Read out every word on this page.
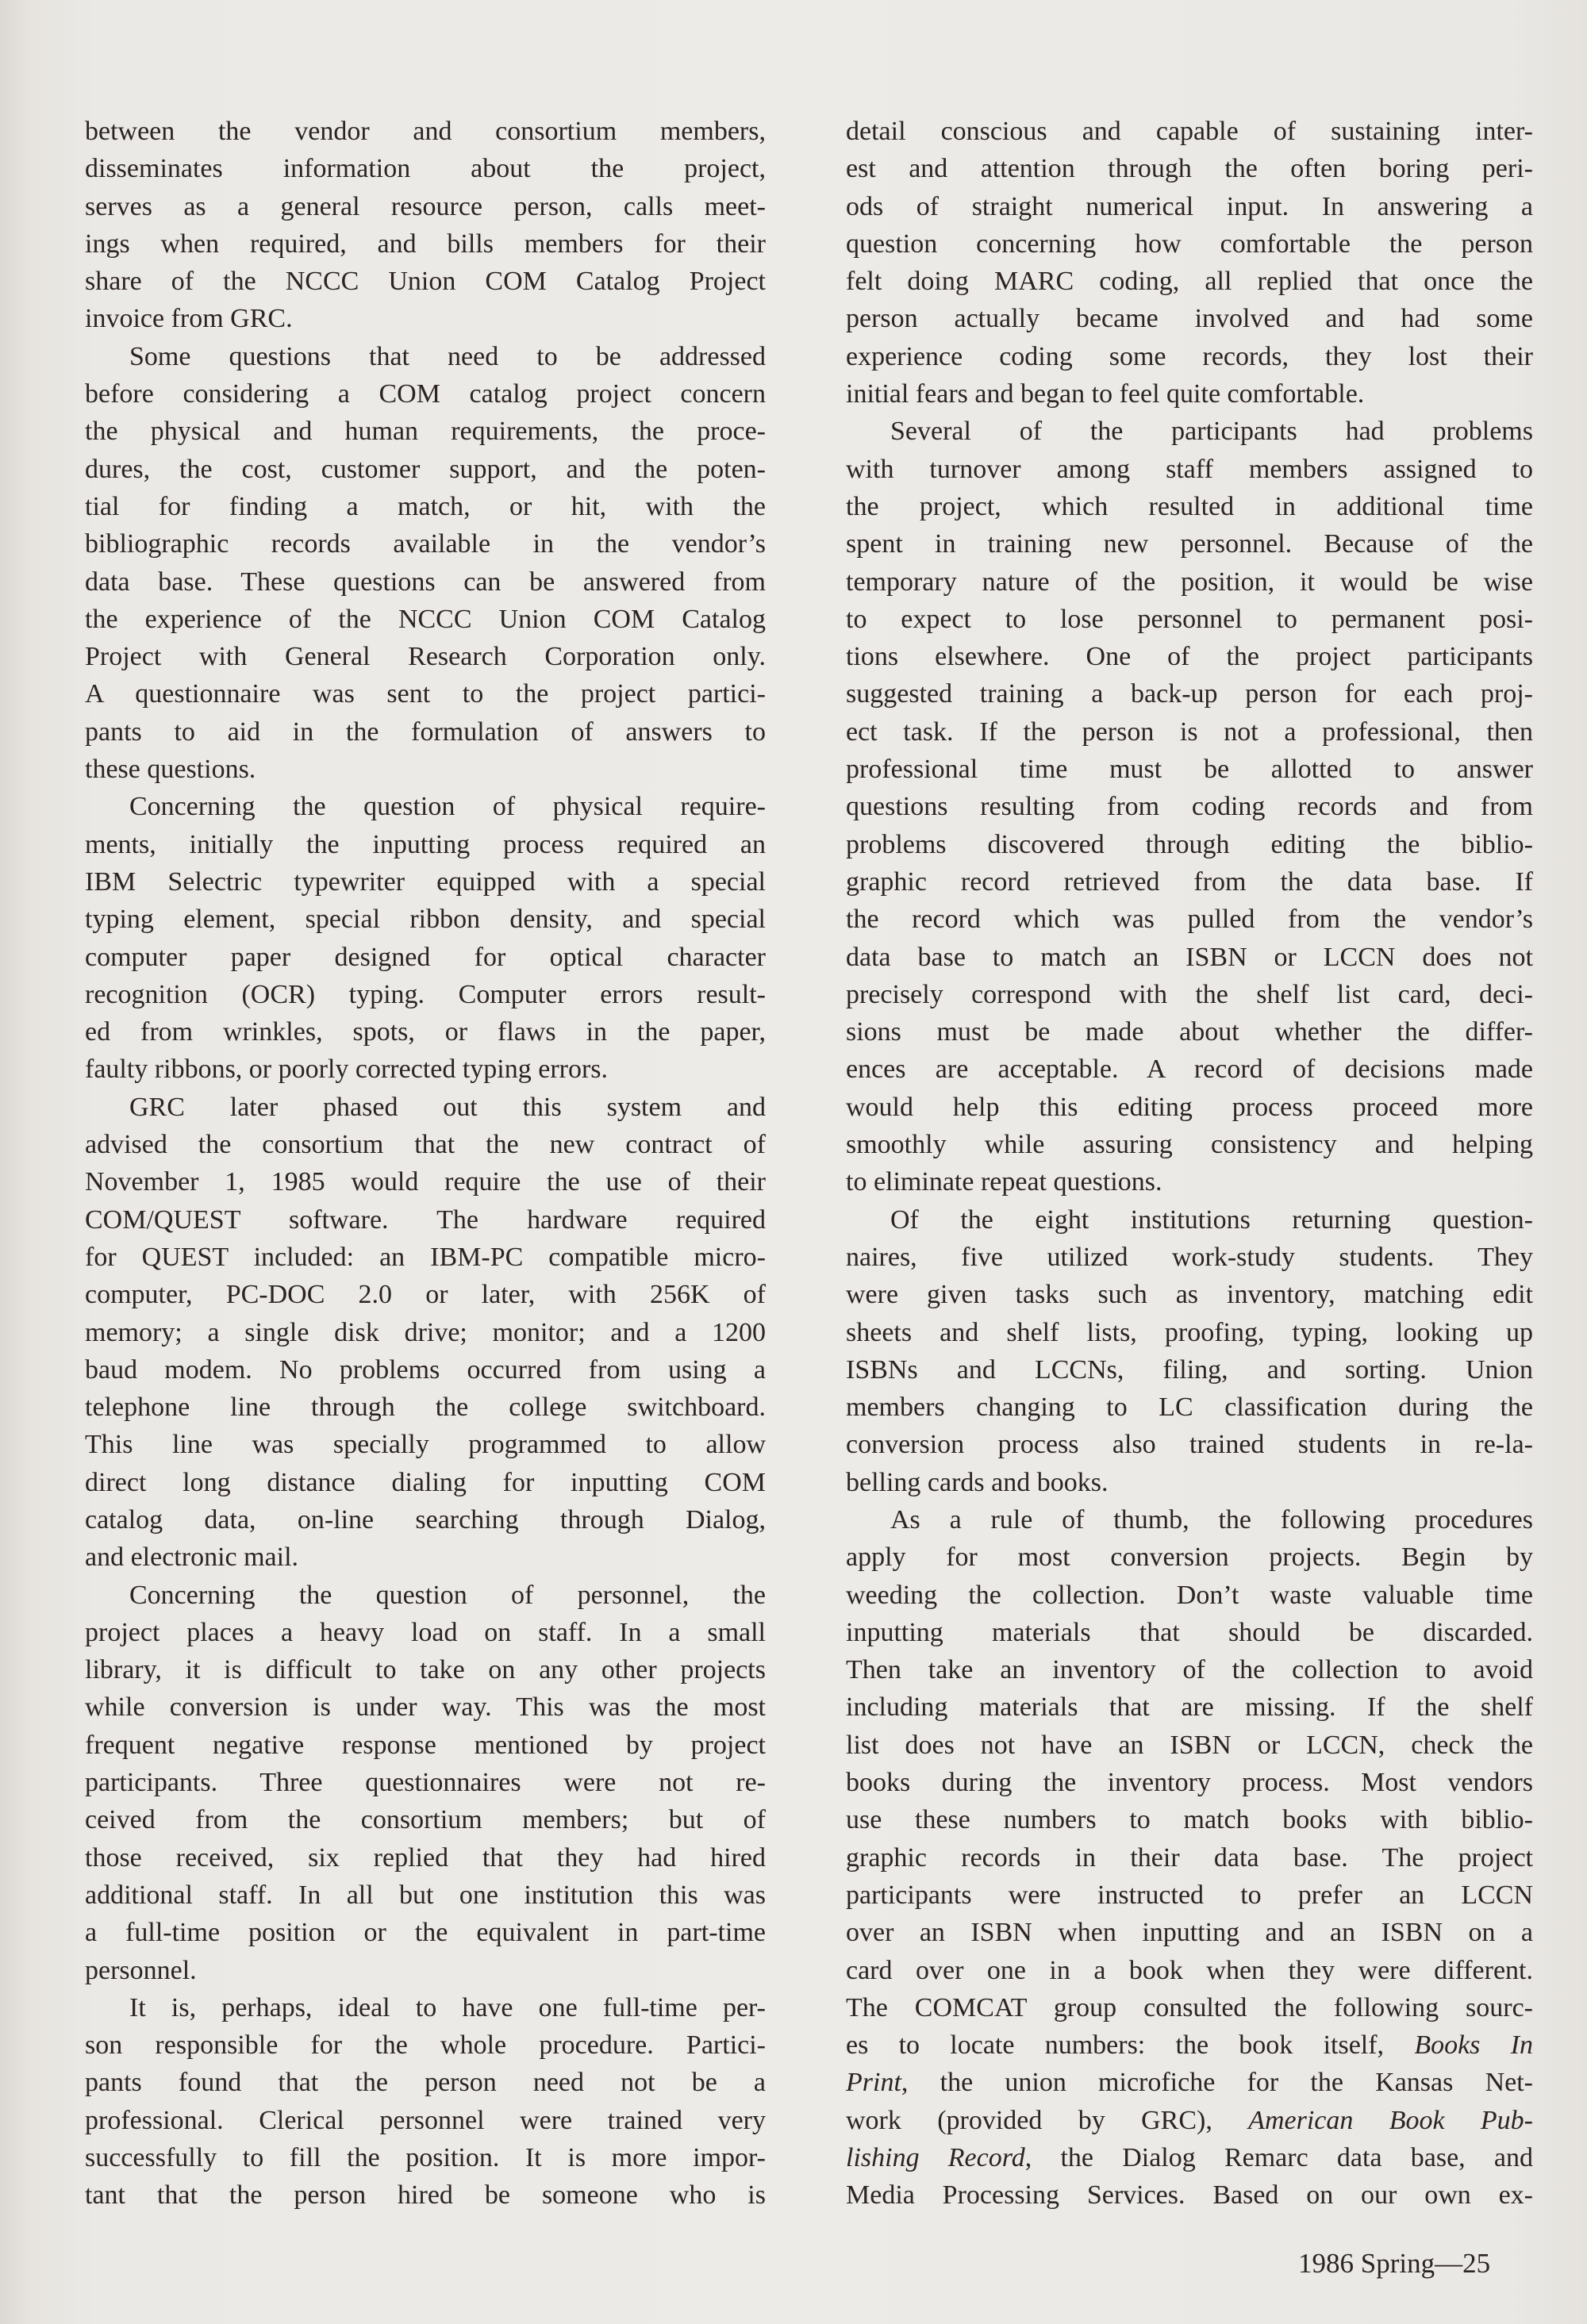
between the vendor and consortium members,
disseminates information about the project,
serves as a general resource person, calls meet-
ings when required, and bills members for their
share of the NCCC Union COM Catalog Project
invoice from GRC.
Some questions that need to be addressed
before considering a COM catalog project concern
the physical and human requirements, the proce-
dures, the cost, customer support, and the poten-
tial for finding a match, or hit, with the
bibliographic records available in the vendor’s
data base. These questions can be answered from
the experience of the NCCC Union COM Catalog
Project with General Research Corporation only.
A questionnaire was sent to the project partici-
pants to aid in the formulation of answers to
these questions.
Concerning the question of physical require-
ments, initially the inputting process required an
IBM Selectric typewriter equipped with a special
typing element, special ribbon density, and special
computer paper designed for optical character
recognition (OCR) typing. Computer errors result-
ed from wrinkles, spots, or flaws in the paper,
faulty ribbons, or poorly corrected typing errors.
GRC later phased out this system and
advised the consortium that the new contract of
November 1, 1985 would require the use of their
COM/QUEST software. The hardware required
for QUEST included: an IBM-PC compatible micro-
computer, PC-DOC 2.0 or later, with 256K of
memory; a single disk drive; monitor; and a 1200
baud modem. No problems occurred from using a
telephone line through the college switchboard.
This line was specially programmed to allow
direct long distance dialing for inputting COM
catalog data, on-line searching through Dialog,
and electronic mail.
Concerning the question of personnel, the
project places a heavy load on staff. In a small
library, it is difficult to take on any other projects
while conversion is under way. This was the most
frequent negative response mentioned by project
participants. Three questionnaires were not re-
ceived from the consortium members; but of
those received, six replied that they had hired
additional staff. In all but one institution this was
a full-time position or the equivalent in part-time
personnel.
It is, perhaps, ideal to have one full-time per-
son responsible for the whole procedure. Partici-
pants found that the person need not be a
professional. Clerical personnel were trained very
successfully to fill the position. It is more impor-
tant that the person hired be someone who is
detail conscious and capable of sustaining inter-
est and attention through the often boring peri-
ods of straight numerical input. In answering a
question concerning how comfortable the person
felt doing MARC coding, all replied that once the
person actually became involved and had some
experience coding some records, they lost their
initial fears and began to feel quite comfortable.
Several of the participants had problems
with turnover among staff members assigned to
the project, which resulted in additional time
spent in training new personnel. Because of the
temporary nature of the position, it would be wise
to expect to lose personnel to permanent posi-
tions elsewhere. One of the project participants
suggested training a back-up person for each proj-
ect task. If the person is not a professional, then
professional time must be allotted to answer
questions resulting from coding records and from
problems discovered through editing the biblio-
graphic record retrieved from the data base. If
the record which was pulled from the vendor’s
data base to match an ISBN or LCCN does not
precisely correspond with the shelf list card, deci-
sions must be made about whether the differ-
ences are acceptable. A record of decisions made
would help this editing process proceed more
smoothly while assuring consistency and helping
to eliminate repeat questions.
Of the eight institutions returning question-
naires, five utilized work-study students. They
were given tasks such as inventory, matching edit
sheets and shelf lists, proofing, typing, looking up
ISBNs and LCCNs, filing, and sorting. Union
members changing to LC classification during the
conversion process also trained students in re-la-
belling cards and books.
As a rule of thumb, the following procedures
apply for most conversion projects. Begin by
weeding the collection. Don’t waste valuable time
inputting materials that should be discarded.
Then take an inventory of the collection to avoid
including materials that are missing. If the shelf
list does not have an ISBN or LCCN, check the
books during the inventory process. Most vendors
use these numbers to match books with biblio-
graphic records in their data base. The project
participants were instructed to prefer an LCCN
over an ISBN when inputting and an ISBN on a
card over one in a book when they were different.
The COMCAT group consulted the following sourc-
es to locate numbers: the book itself, Books In
Print, the union microfiche for the Kansas Net-
work (provided by GRC), American Book Pub-
lishing Record, the Dialog Remarc data base, and
Media Processing Services. Based on our own ex-
1986 Spring—25
